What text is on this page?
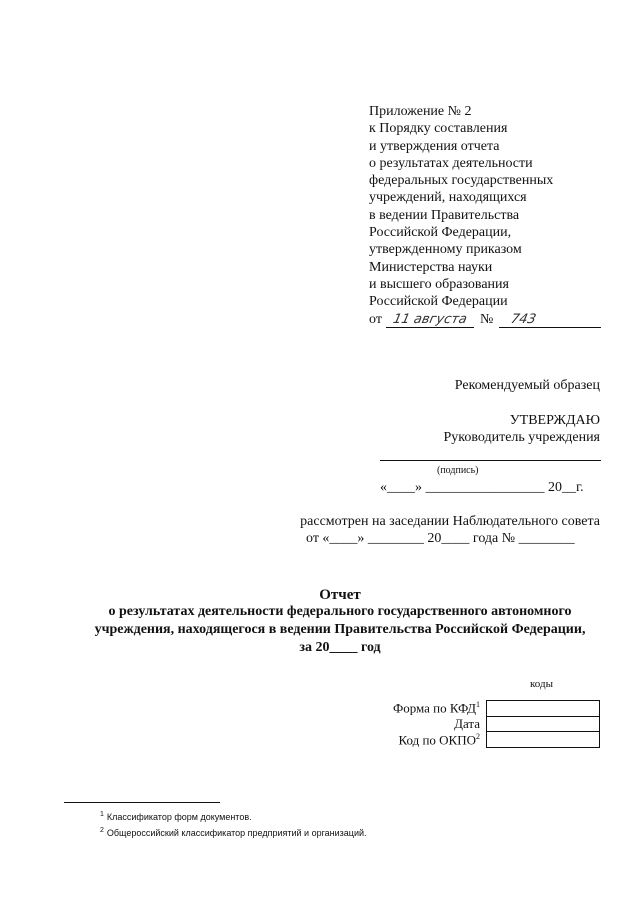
Приложение № 2
к Порядку составления
и утверждения отчета
о результатах деятельности
федеральных государственных
учреждений, находящихся
в ведении Правительства
Российской Федерации,
утвержденному приказом
Министерства науки
и высшего образования
Российской Федерации
от 11 августа №	743
Рекомендуемый образец
УТВЕРЖДАЮ
Руководитель учреждения
(подпись)
«____» _________________ 20__г.
рассмотрен на заседании Наблюдательного совета
от «____» ________ 20____ года № ________
Отчет
о результатах деятельности федерального государственного автономного
учреждения, находящегося в ведении Правительства Российской Федерации,
за 20____ год
коды
Форма по КФД$^1$
Дата
Код по ОКПО$^2$
$^1$ Классификатор форм документов.
$^2$ Общероссийский классификатор предприятий и организаций.
